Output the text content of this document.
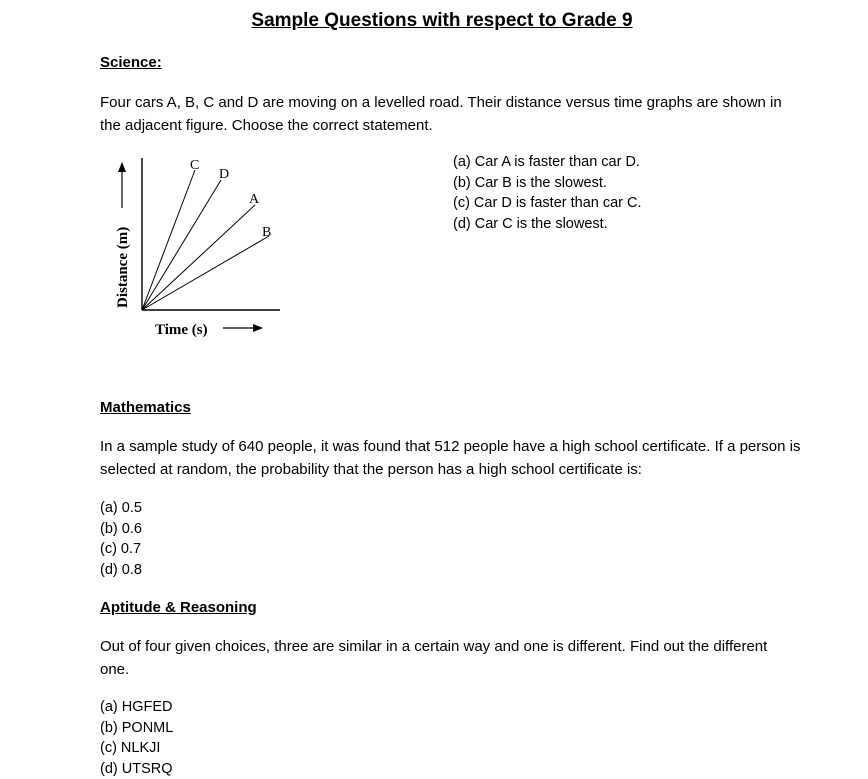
Sample Questions with respect to Grade 9
Science:
Four cars A, B, C and D are moving on a levelled road. Their distance versus time graphs are shown in the adjacent figure. Choose the correct statement.
C
D
A
B
Distance (m)
Time (s)
(a) Car A is faster than car D.
(b) Car B is the slowest.
(c) Car D is faster than car C.
(d) Car C is the slowest.
Mathematics
In a sample study of 640 people, it was found that 512 people have a high school certificate. If a person is selected at random, the probability that the person has a high school certificate is:
(a) 0.5
(b) 0.6
(c) 0.7
(d) 0.8
Aptitude & Reasoning
Out of four given choices, three are similar in a certain way and one is different. Find out the different one.
(a) HGFED
(b) PONML
(c) NLKJI
(d) UTSRQ
